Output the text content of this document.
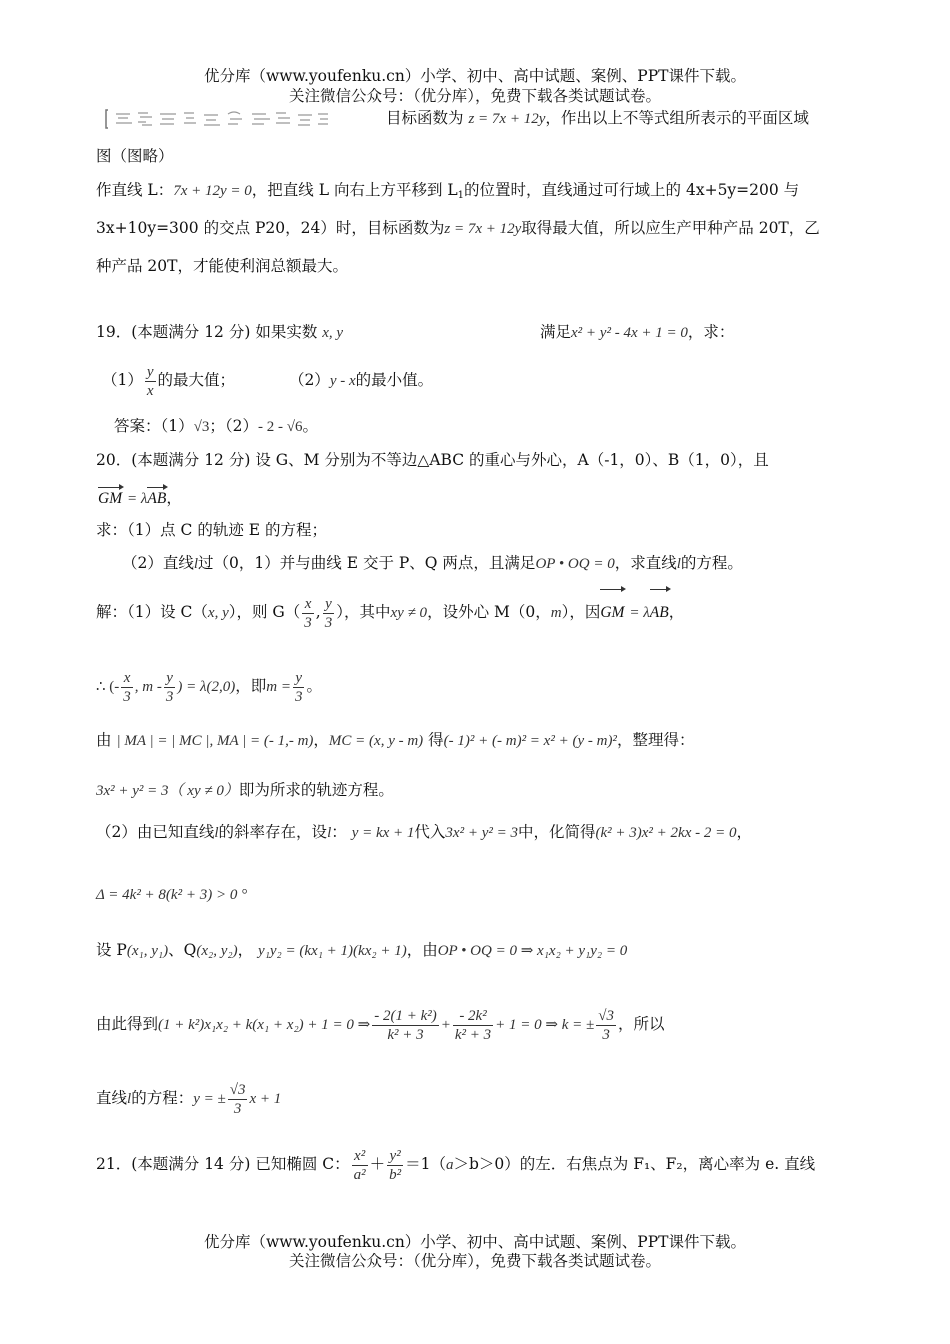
优分库（www.youfenku.cn）小学、初中、高中试题、案例、PPT课件下载。
关注微信公众号：（优分库），免费下载各类试题试卷。
目标函数为 z = 7x + 12y，作出以上不等式组所表示的平面区域
图（图略）
作直线 L：7x + 12y = 0，把直线 L 向右上方平移到 $L_1$的位置时，直线通过可行域上的 4x+5y=200 与
3x+10y=300 的交点 P20，24）时，目标函数为z = 7x + 12y取得最大值，所以应生产甲种产品 20T，乙
种产品 20T，才能使利润总额最大。
19．(本题满分 12 分) 如果实数 x, y	满足x² + y² - 4x + 1 = 0，求：
$(1) \frac{y}{x}$ 的最大值；	（2）y - x的最小值。
答案：（1）√3；（2）- 2 - √6。
20．(本题满分 12 分) 设 G、M 分别为不等边△ABC 的重心与外心，A（-1，0）、B（1，0），且
GM = λAB，
求：（1）点 C 的轨迹 E 的方程；
（2）直线l过（0，1）并与曲线 E 交于 P、Q 两点，且满足OP • OQ = 0，求直线l的方程。
解：（1）设 C（x, y），则 $G( \frac{x}{3}$ , $\frac{y}{3}$ ），其中xy ≠ 0，设外心 M（0，m），因GM = λAB，
∴ (- $\frac{x}{3}$ , m - $\frac{y}{3}$ ) = λ(2,0)，即$m = \frac{y}{3}$ 。
由 | MA | = | MC |, MA | = (- 1,- m)，MC = (x, y - m) 得(- 1)² + (- m)² = x² + (y - m)²，整理得：
3x² + y² = 3（ xy ≠ 0）即为所求的轨迹方程。
（2）由已知直线l的斜率存在，设l： y = kx + 1代入3x² + y² = 3中，化简得(k² + 3)x² + 2kx - 2 = 0，
Δ = 4k² + 8(k² + 3) > 0 °
设 P(x₁, y₁)、Q(x₂, y₂)， y₁y₂ = (kx₁ + 1)(kx₂ + 1)，由OP • OQ = 0 ⇒ x₁x₂ + y₁y₂ = 0
由此得到(1 + k²)x₁x₂ + k(x₁ + x₂) + 1 = 0 ⇒ $\frac{\text{- 2(1 + k²)}}{\text{k² + 3}} + \frac{\text{- 2k²}}{\text{k² + 3}} + 1 = 0$ ⇒ k = ± $\frac{√3}{3}$ ，所以
直线l的方程：y = ± $\frac{√3}{3}$ x + 1
21．(本题满分 14 分) 已知椭圆 C： $\frac{\text{x²}}{\text{a²}} + \frac{\text{y²}}{\text{b²}} =1(a>b>0)$的左．右焦点为 F₁、F₂，离心率为 e. 直线
优分库（www.youfenku.cn）小学、初中、高中试题、案例、PPT课件下载。
关注微信公众号：（优分库），免费下载各类试题试卷。
